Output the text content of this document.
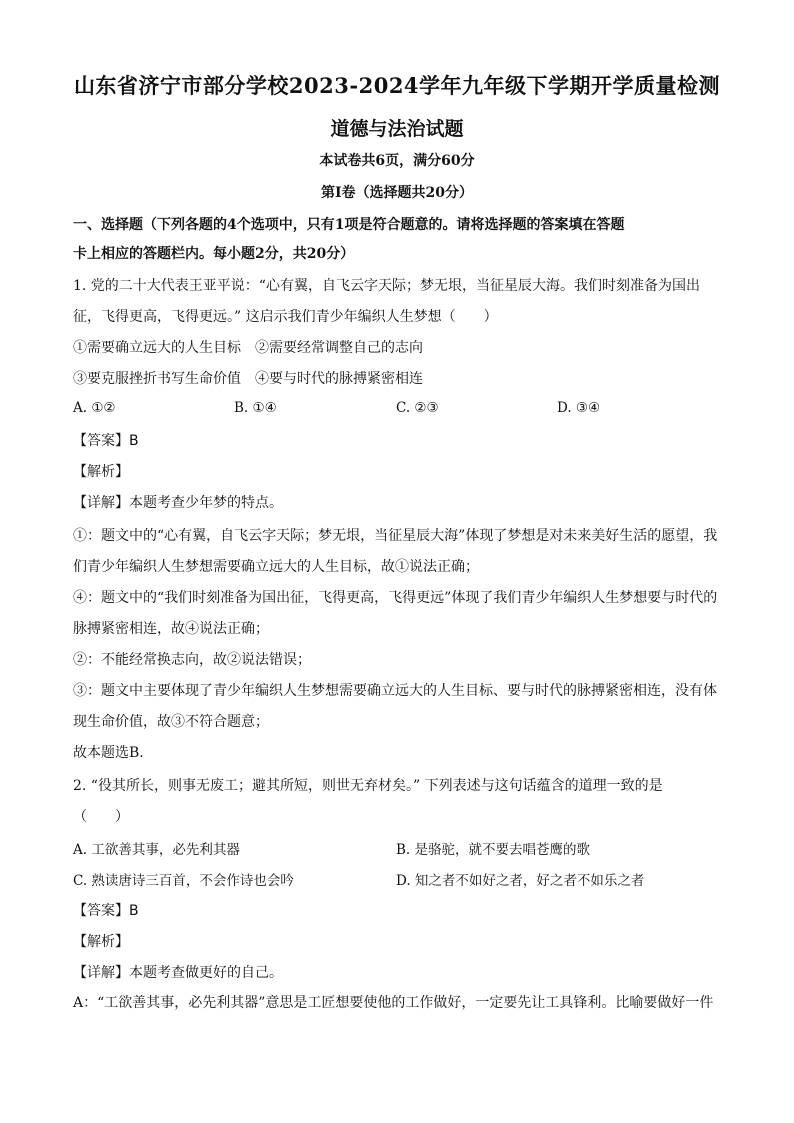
山东省济宁市部分学校2023-2024学年九年级下学期开学质量检测
道德与法治试题
本试卷共6页，满分60分
第Ⅰ卷（选择题共20分）
一、选择题（下列各题的4个选项中，只有1项是符合题意的。请将选择题的答案填在答题
卡上相应的答题栏内。每小题2分，共20分）
1. 党的二十大代表王亚平说：“心有翼，自飞云字天际；梦无垠，当征星辰大海。我们时刻准备为国出
征，飞得更高，飞得更远。” 这启示我们青少年编织人生梦想（　　）
①需要确立远大的人生目标　②需要经常调整自己的志向
③要克服挫折书写生命价值　④要与时代的脉搏紧密相连
A. ①②	B. ①④	C. ②③	D. ③④
【答案】B
【解析】
【详解】本题考查少年梦的特点。
①：题文中的“心有翼，自飞云字天际；梦无垠，当征星辰大海”体现了梦想是对未来美好生活的愿望，我
们青少年编织人生梦想需要确立远大的人生目标，故①说法正确；
④：题文中的“我们时刻准备为国出征，飞得更高，飞得更远”体现了我们青少年编织人生梦想要与时代的
脉搏紧密相连，故④说法正确；
②：不能经常换志向，故②说法错误；
③：题文中主要体现了青少年编织人生梦想需要确立远大的人生目标、要与时代的脉搏紧密相连，没有体
现生命价值，故③不符合题意；
故本题选B.
2. “役其所长，则事无废工；避其所短，则世无弃材矣。” 下列表述与这句话蕴含的道理一致的是
（　　）
A. 工欲善其事，必先利其器	B. 是骆驼，就不要去唱苍鹰的歌
C. 熟读唐诗三百首，不会作诗也会吟	D. 知之者不如好之者，好之者不如乐之者
【答案】B
【解析】
【详解】本题考查做更好的自己。
A：“工欲善其事，必先利其器”意思是工匠想要使他的工作做好，一定要先让工具锋利。比喻要做好一件
